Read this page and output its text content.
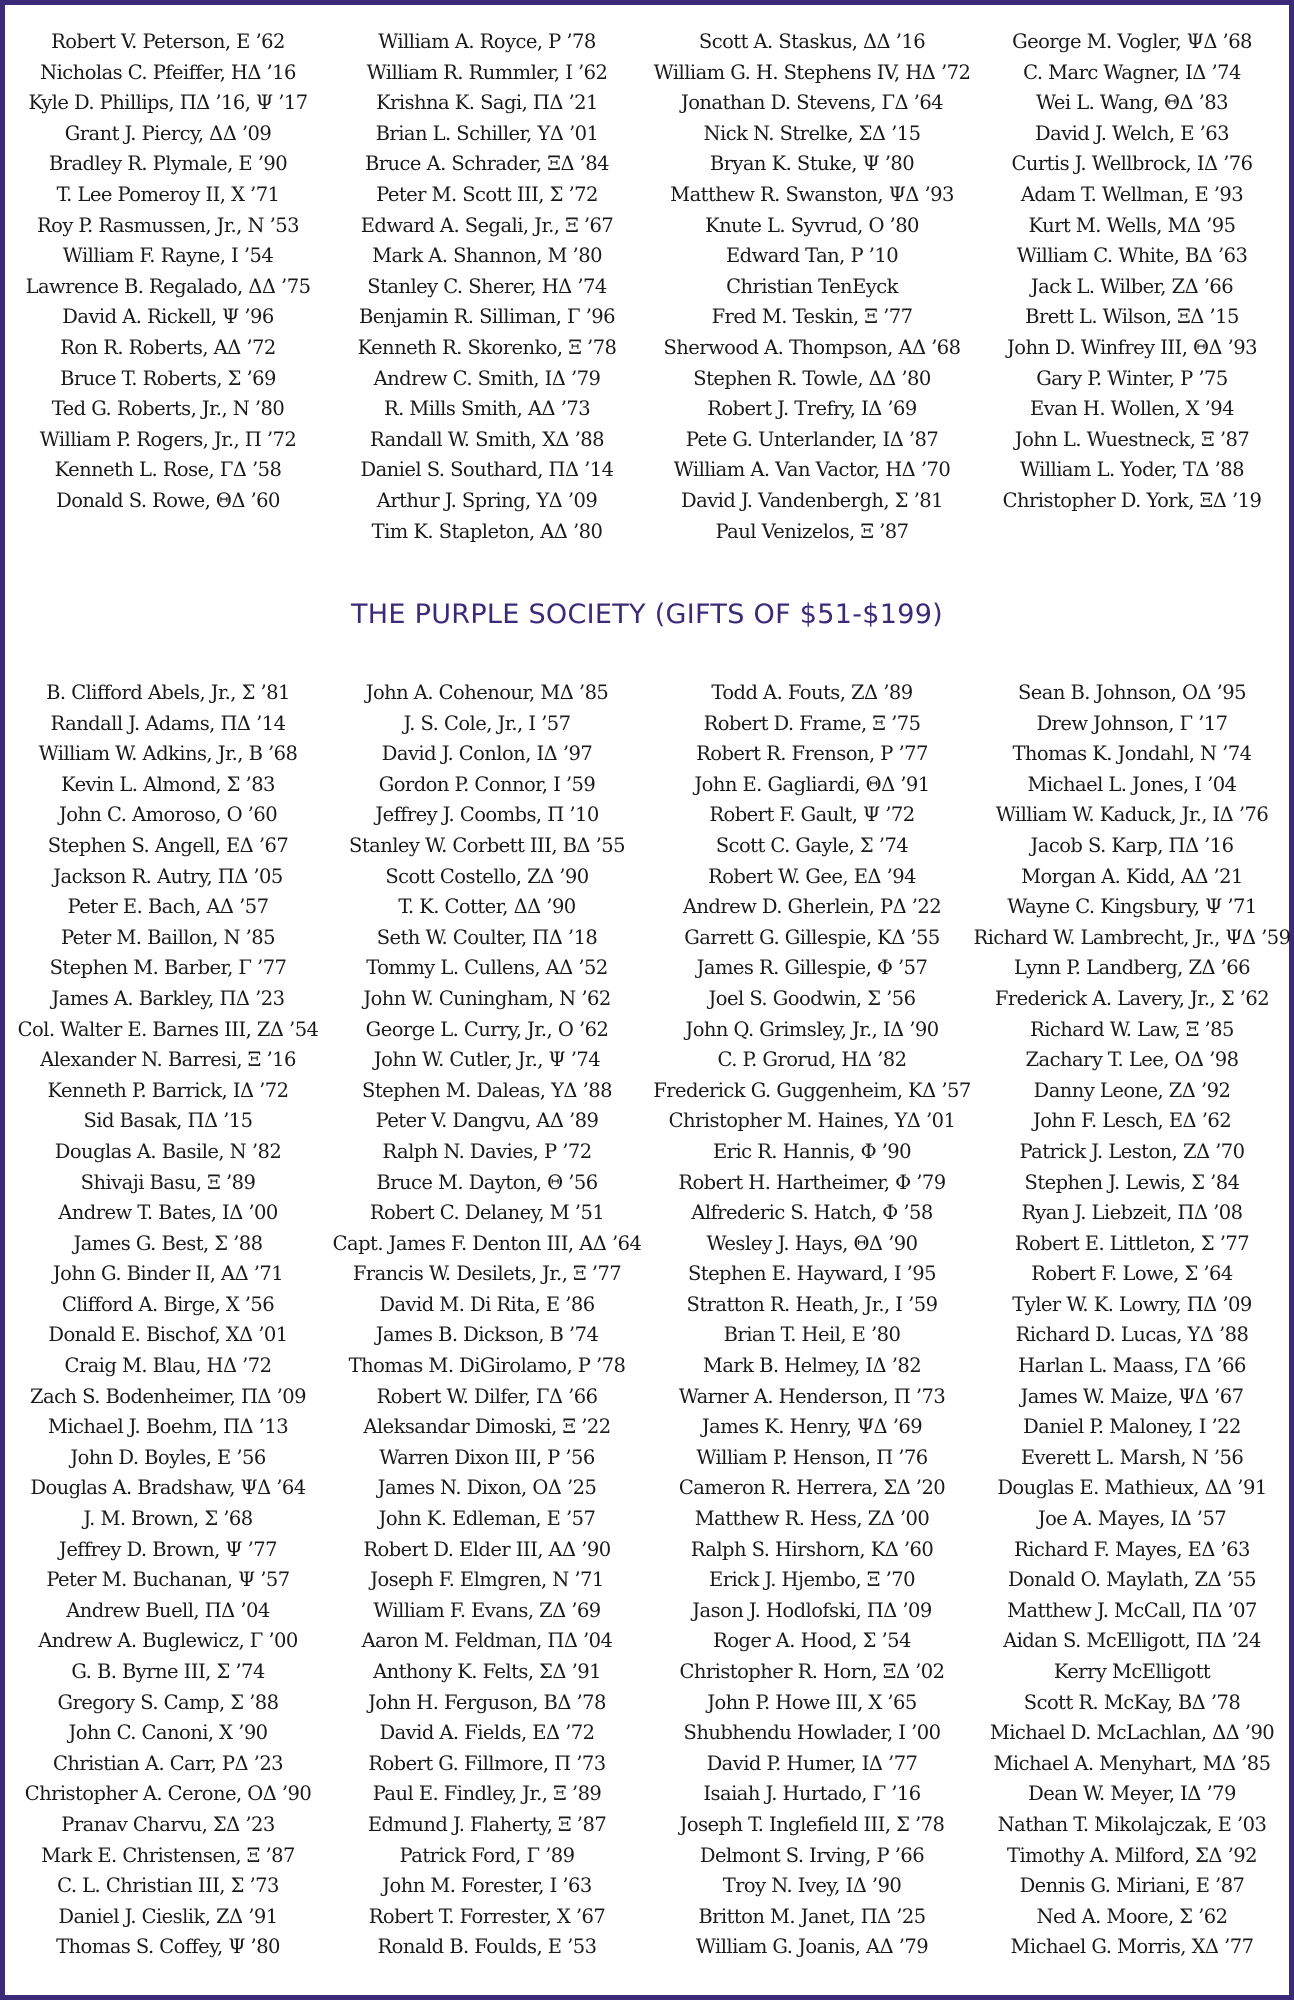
Robert V. Peterson, Ε ’62
Nicholas C. Pfeiffer, ΗΔ ’16
Kyle D. Phillips, ΠΔ ’16, Ψ ’17
Grant J. Piercy, ΔΔ ’09
Bradley R. Plymale, Ε ’90
T. Lee Pomeroy II, Χ ’71
Roy P. Rasmussen, Jr., Ν ’53
William F. Rayne, Ι ’54
Lawrence B. Regalado, ΔΔ ’75
David A. Rickell, Ψ ’96
Ron R. Roberts, ΑΔ ’72
Bruce T. Roberts, Σ ’69
Ted G. Roberts, Jr., Ν ’80
William P. Rogers, Jr., Π ’72
Kenneth L. Rose, ΓΔ ’58
Donald S. Rowe, ΘΔ ’60
William A. Royce, Ρ ’78
William R. Rummler, Ι ’62
Krishna K. Sagi, ΠΔ ’21
Brian L. Schiller, ΥΔ ’01
Bruce A. Schrader, ΞΔ ’84
Peter M. Scott III, Σ ’72
Edward A. Segali, Jr., Ξ ’67
Mark A. Shannon, Μ ’80
Stanley C. Sherer, ΗΔ ’74
Benjamin R. Silliman, Γ ’96
Kenneth R. Skorenko, Ξ ’78
Andrew C. Smith, ΙΔ ’79
R. Mills Smith, ΑΔ ’73
Randall W. Smith, ΧΔ ’88
Daniel S. Southard, ΠΔ ’14
Arthur J. Spring, ΥΔ ’09
Tim K. Stapleton, ΑΔ ’80
Scott A. Staskus, ΔΔ ’16
William G. H. Stephens IV, ΗΔ ’72
Jonathan D. Stevens, ΓΔ ’64
Nick N. Strelke, ΣΔ ’15
Bryan K. Stuke, Ψ ’80
Matthew R. Swanston, ΨΔ ’93
Knute L. Syvrud, Ο ’80
Edward Tan, Ρ ’10
Christian TenEyck
Fred M. Teskin, Ξ ’77
Sherwood A. Thompson, ΑΔ ’68
Stephen R. Towle, ΔΔ ’80
Robert J. Trefry, ΙΔ ’69
Pete G. Unterlander, ΙΔ ’87
William A. Van Vactor, ΗΔ ’70
David J. Vandenbergh, Σ ’81
Paul Venizelos, Ξ ’87
George M. Vogler, ΨΔ ’68
C. Marc Wagner, ΙΔ ’74
Wei L. Wang, ΘΔ ’83
David J. Welch, Ε ’63
Curtis J. Wellbrock, ΙΔ ’76
Adam T. Wellman, Ε ’93
Kurt M. Wells, ΜΔ ’95
William C. White, ΒΔ ’63
Jack L. Wilber, ΖΔ ’66
Brett L. Wilson, ΞΔ ’15
John D. Winfrey III, ΘΔ ’93
Gary P. Winter, Ρ ’75
Evan H. Wollen, Χ ’94
John L. Wuestneck, Ξ ’87
William L. Yoder, ΤΔ ’88
Christopher D. York, ΞΔ ’19
THE PURPLE SOCIETY (GIFTS OF $51-$199)
B. Clifford Abels, Jr., Σ ’81
Randall J. Adams, ΠΔ ’14
William W. Adkins, Jr., Β ’68
Kevin L. Almond, Σ ’83
John C. Amoroso, Ο ’60
Stephen S. Angell, ΕΔ ’67
Jackson R. Autry, ΠΔ ’05
Peter E. Bach, ΑΔ ’57
Peter M. Baillon, Ν ’85
Stephen M. Barber, Γ ’77
James A. Barkley, ΠΔ ’23
Col. Walter E. Barnes III, ΖΔ ’54
Alexander N. Barresi, Ξ ’16
Kenneth P. Barrick, ΙΔ ’72
Sid Basak, ΠΔ ’15
Douglas A. Basile, Ν ’82
Shivaji Basu, Ξ ’89
Andrew T. Bates, ΙΔ ’00
James G. Best, Σ ’88
John G. Binder II, ΑΔ ’71
Clifford A. Birge, Χ ’56
Donald E. Bischof, ΧΔ ’01
Craig M. Blau, ΗΔ ’72
Zach S. Bodenheimer, ΠΔ ’09
Michael J. Boehm, ΠΔ ’13
John D. Boyles, Ε ’56
Douglas A. Bradshaw, ΨΔ ’64
J. M. Brown, Σ ’68
Jeffrey D. Brown, Ψ ’77
Peter M. Buchanan, Ψ ’57
Andrew Buell, ΠΔ ’04
Andrew A. Buglewicz, Γ ’00
G. B. Byrne III, Σ ’74
Gregory S. Camp, Σ ’88
John C. Canoni, Χ ’90
Christian A. Carr, ΡΔ ’23
Christopher A. Cerone, ΟΔ ’90
Pranav Charvu, ΣΔ ’23
Mark E. Christensen, Ξ ’87
C. L. Christian III, Σ ’73
Daniel J. Cieslik, ΖΔ ’91
Thomas S. Coffey, Ψ ’80
John A. Cohenour, ΜΔ ’85
J. S. Cole, Jr., Ι ’57
David J. Conlon, ΙΔ ’97
Gordon P. Connor, Ι ’59
Jeffrey J. Coombs, Π ’10
Stanley W. Corbett III, ΒΔ ’55
Scott Costello, ΖΔ ’90
T. K. Cotter, ΔΔ ’90
Seth W. Coulter, ΠΔ ’18
Tommy L. Cullens, ΑΔ ’52
John W. Cuningham, Ν ’62
George L. Curry, Jr., Ο ’62
John W. Cutler, Jr., Ψ ’74
Stephen M. Daleas, ΥΔ ’88
Peter V. Dangvu, ΑΔ ’89
Ralph N. Davies, Ρ ’72
Bruce M. Dayton, Θ ’56
Robert C. Delaney, Μ ’51
Capt. James F. Denton III, ΑΔ ’64
Francis W. Desilets, Jr., Ξ ’77
David M. Di Rita, Ε ’86
James B. Dickson, Β ’74
Thomas M. DiGirolamo, Ρ ’78
Robert W. Dilfer, ΓΔ ’66
Aleksandar Dimoski, Ξ ’22
Warren Dixon III, Ρ ’56
James N. Dixon, ΟΔ ’25
John K. Edleman, Ε ’57
Robert D. Elder III, ΑΔ ’90
Joseph F. Elmgren, Ν ’71
William F. Evans, ΖΔ ’69
Aaron M. Feldman, ΠΔ ’04
Anthony K. Felts, ΣΔ ’91
John H. Ferguson, ΒΔ ’78
David A. Fields, ΕΔ ’72
Robert G. Fillmore, Π ’73
Paul E. Findley, Jr., Ξ ’89
Edmund J. Flaherty, Ξ ’87
Patrick Ford, Γ ’89
John M. Forester, Ι ’63
Robert T. Forrester, Χ ’67
Ronald B. Foulds, Ε ’53
Todd A. Fouts, ΖΔ ’89
Robert D. Frame, Ξ ’75
Robert R. Frenson, Ρ ’77
John E. Gagliardi, ΘΔ ’91
Robert F. Gault, Ψ ’72
Scott C. Gayle, Σ ’74
Robert W. Gee, ΕΔ ’94
Andrew D. Gherlein, ΡΔ ’22
Garrett G. Gillespie, ΚΔ ’55
James R. Gillespie, Φ ’57
Joel S. Goodwin, Σ ’56
John Q. Grimsley, Jr., ΙΔ ’90
C. P. Grorud, ΗΔ ’82
Frederick G. Guggenheim, ΚΔ ’57
Christopher M. Haines, ΥΔ ’01
Eric R. Hannis, Φ ’90
Robert H. Hartheimer, Φ ’79
Alfrederic S. Hatch, Φ ’58
Wesley J. Hays, ΘΔ ’90
Stephen E. Hayward, Ι ’95
Stratton R. Heath, Jr., Ι ’59
Brian T. Heil, Ε ’80
Mark B. Helmey, ΙΔ ’82
Warner A. Henderson, Π ’73
James K. Henry, ΨΔ ’69
William P. Henson, Π ’76
Cameron R. Herrera, ΣΔ ’20
Matthew R. Hess, ΖΔ ’00
Ralph S. Hirshorn, ΚΔ ’60
Erick J. Hjembo, Ξ ’70
Jason J. Hodlofski, ΠΔ ’09
Roger A. Hood, Σ ’54
Christopher R. Horn, ΞΔ ’02
John P. Howe III, Χ ’65
Shubhendu Howlader, Ι ’00
David P. Humer, ΙΔ ’77
Isaiah J. Hurtado, Γ ’16
Joseph T. Inglefield III, Σ ’78
Delmont S. Irving, Ρ ’66
Troy N. Ivey, ΙΔ ’90
Britton M. Janet, ΠΔ ’25
William G. Joanis, ΑΔ ’79
Sean B. Johnson, ΟΔ ’95
Drew Johnson, Γ ’17
Thomas K. Jondahl, Ν ’74
Michael L. Jones, Ι ’04
William W. Kaduck, Jr., ΙΔ ’76
Jacob S. Karp, ΠΔ ’16
Morgan A. Kidd, ΑΔ ’21
Wayne C. Kingsbury, Ψ ’71
Richard W. Lambrecht, Jr., ΨΔ ’59
Lynn P. Landberg, ΖΔ ’66
Frederick A. Lavery, Jr., Σ ’62
Richard W. Law, Ξ ’85
Zachary T. Lee, ΟΔ ’98
Danny Leone, ΖΔ ’92
John F. Lesch, ΕΔ ’62
Patrick J. Leston, ΖΔ ’70
Stephen J. Lewis, Σ ’84
Ryan J. Liebzeit, ΠΔ ’08
Robert E. Littleton, Σ ’77
Robert F. Lowe, Σ ’64
Tyler W. K. Lowry, ΠΔ ’09
Richard D. Lucas, ΥΔ ’88
Harlan L. Maass, ΓΔ ’66
James W. Maize, ΨΔ ’67
Daniel P. Maloney, Ι ’22
Everett L. Marsh, Ν ’56
Douglas E. Mathieux, ΔΔ ’91
Joe A. Mayes, ΙΔ ’57
Richard F. Mayes, ΕΔ ’63
Donald O. Maylath, ΖΔ ’55
Matthew J. McCall, ΠΔ ’07
Aidan S. McElligott, ΠΔ ’24
Kerry McElligott
Scott R. McKay, ΒΔ ’78
Michael D. McLachlan, ΔΔ ’90
Michael A. Menyhart, ΜΔ ’85
Dean W. Meyer, ΙΔ ’79
Nathan T. Mikolajczak, Ε ’03
Timothy A. Milford, ΣΔ ’92
Dennis G. Miriani, Ε ’87
Ned A. Moore, Σ ’62
Michael G. Morris, ΧΔ ’77
